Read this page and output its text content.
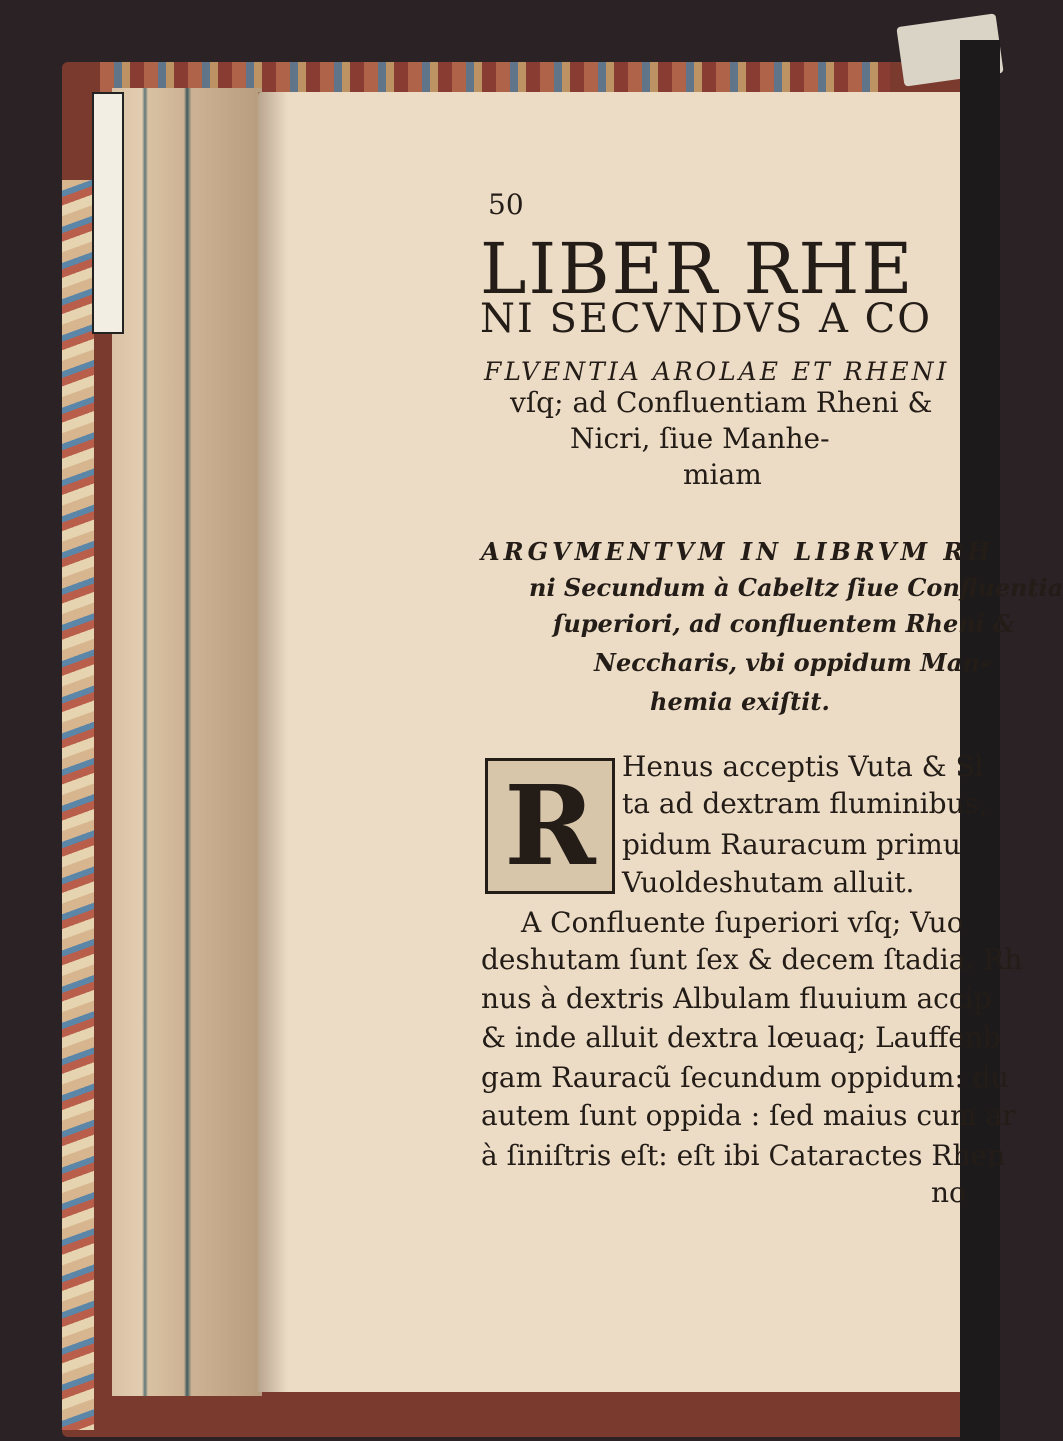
50
LIBER RHE
NI SECVNDVS A CO
FLVENTIA AROLAE ET RHENI
vſq; ad Confluentiam Rheni &
Nicri, ſiue Manhe-
miam
ARGVMENTVM IN LIBRVM RH
ni Secundum à Cabeltz ſiue Confluentia
ſuperiori, ad confluentem Rheni &
Neccharis, vbi oppidum Man-
hemia exiſtit.
R Henus acceptis Vuta & Sl
ta ad dextram fluminibus,
pidum Rauracum primu
Vuoldeshutam alluit.
A Confluente ſuperiori vſq; Vuo
deshutam ſunt ſex & decem ſtadia. Rh
nus à dextris Albulam fluuium accip
& inde alluit dextra lœuaq; Lauffenb
gam Rauracũ ſecundum oppidum: du
autem ſunt oppida : ſed maius cum ar
à ſiniſtris eſt: eſt ibi Cataractes Rhen
no
